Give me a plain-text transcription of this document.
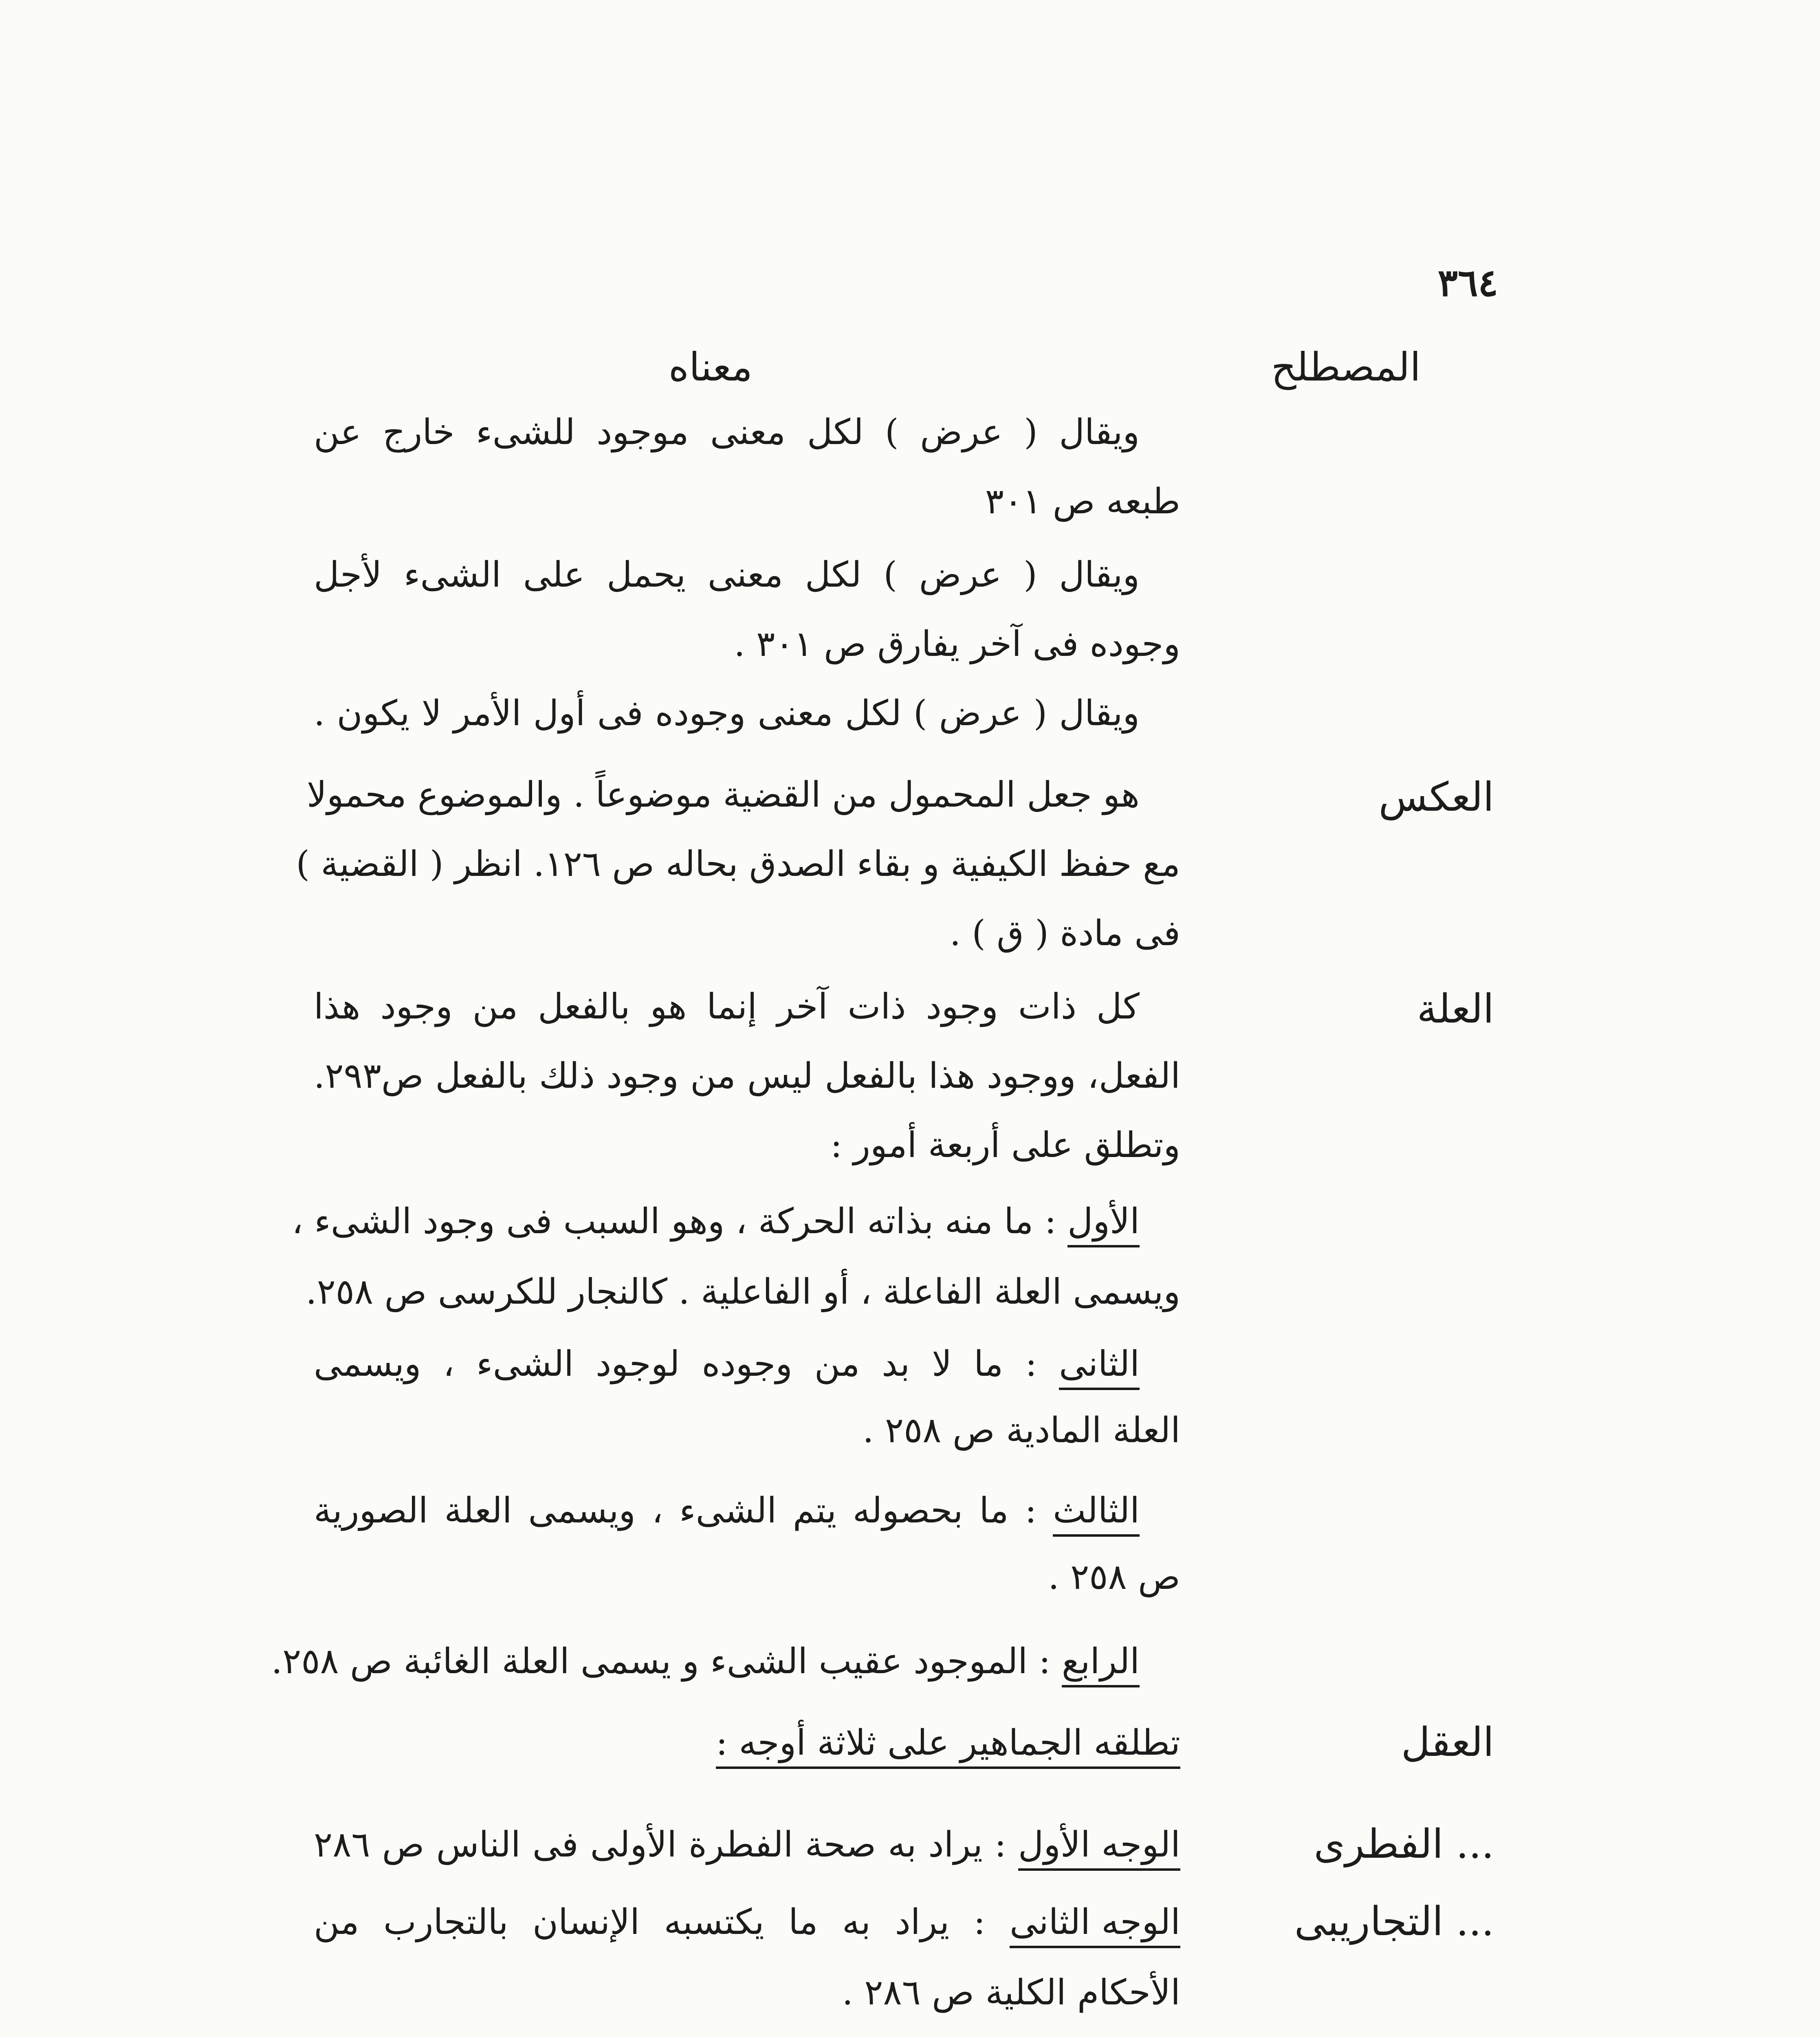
٣٦٤
المصطلح
معناه
ويقال ( عرض ) لكل معنى موجود للشىء خارج عن
طبعه ص ٣٠١
ويقال ( عرض ) لكل معنى يحمل على الشىء لأجل
وجوده فى آخر يفارق ص ٣٠١ .
ويقال ( عرض ) لكل معنى وجوده فى أول الأمر لا يكون .
العكس
هو جعل المحمول من القضية موضوعاً . والموضوع محمولا
مع حفظ الكيفية و بقاء الصدق بحاله ص ١٢٦. انظر ( القضية )
فى مادة ( ق ) .
العلة
كل ذات وجود ذات آخر إنما هو بالفعل من وجود هذا
الفعل، ووجود هذا بالفعل ليس من وجود ذلك بالفعل ص٢٩٣.
وتطلق على أربعة أمور :
الأول : ما منه بذاته الحركة ، وهو السبب فى وجود الشىء ،
ويسمى العلة الفاعلة ، أو الفاعلية . كالنجار للكرسى ص ٢٥٨.
الثانى : ما لا بد من وجوده لوجود الشىء ، ويسمى
العلة المادية ص ٢٥٨ .
الثالث : ما بحصوله يتم الشىء ، ويسمى العلة الصورية
ص ٢٥٨ .
الرابع : الموجود عقيب الشىء و يسمى العلة الغائبة ص ٢٥٨.
العقل
تطلقه الجماهير على ثلاثة أوجه :
... الفطرى
الوجه الأول : يراد به صحة الفطرة الأولى فى الناس ص ٢٨٦
... التجاريبى
الوجه الثانى : يراد به ما يكتسبه الإنسان بالتجارب من
الأحكام الكلية ص ٢٨٦ .
